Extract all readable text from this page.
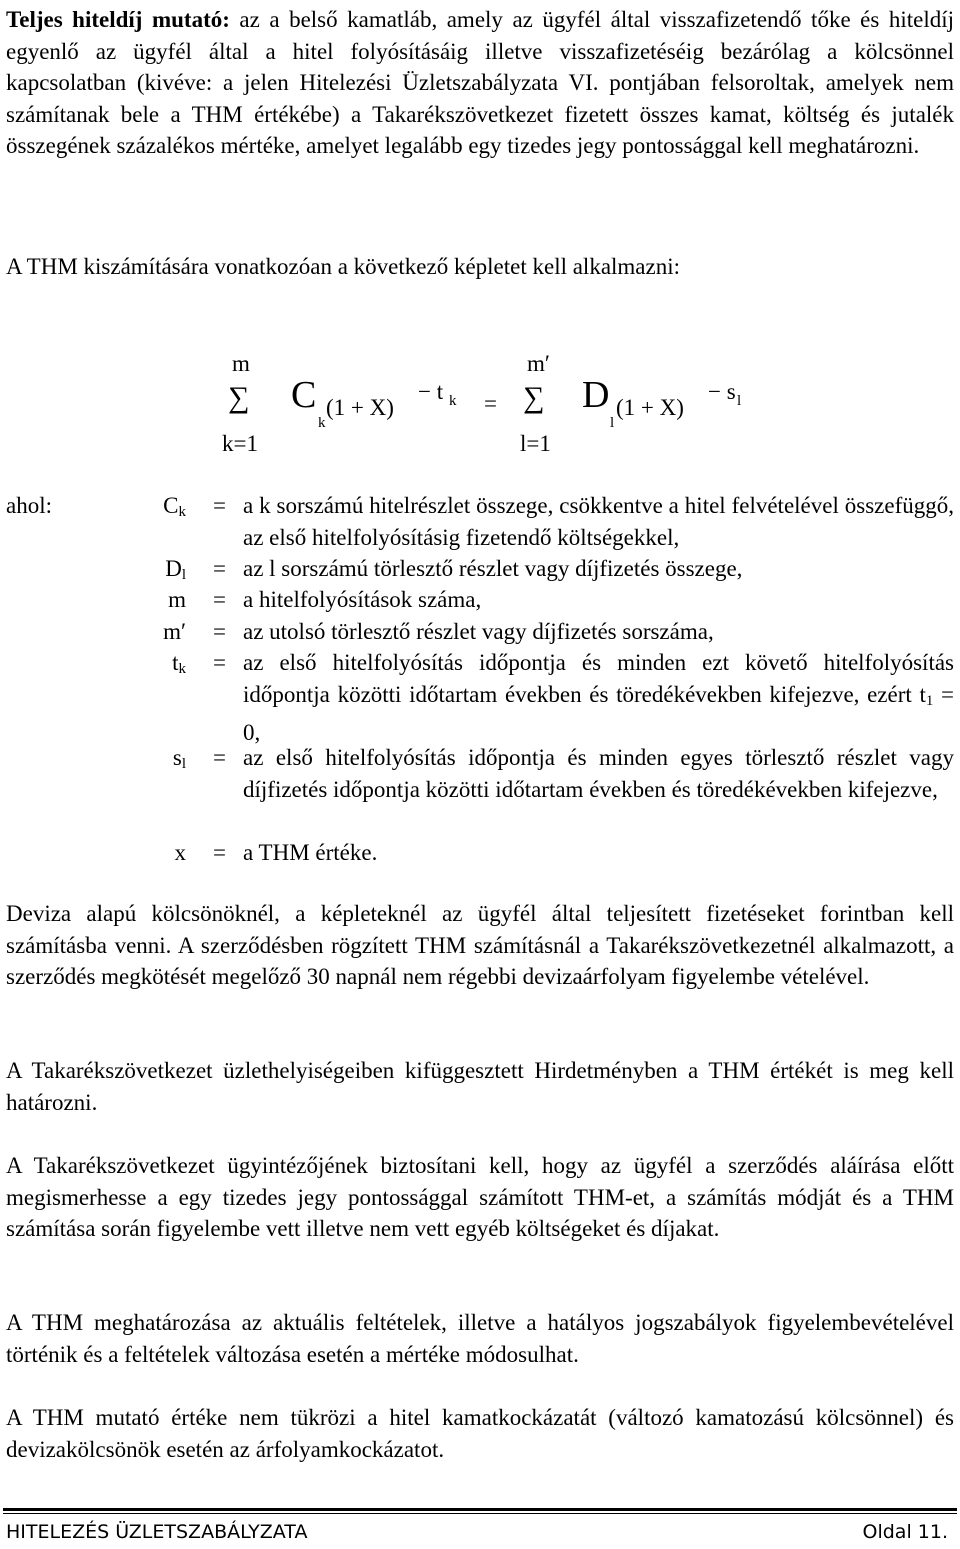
Teljes hiteldíj mutató: az a belső kamatláb, amely az ügyfél által visszafizetendő tőke és hiteldíj egyenlő az ügyfél által a hitel folyósításáig illetve visszafizetéséig bezárólag a kölcsönnel kapcsolatban (kivéve: a jelen Hitelezési Üzletszabályzata VI. pontjában felsoroltak, amelyek nem számítanak bele a THM értékébe) a Takarékszövetkezet fizetett összes kamat, költség és jutalék összegének százalékos mértéke, amelyet legalább egy tizedes jegy pontossággal kell meghatározni.

A THM kiszámítására vonatkozóan a következő képletet kell alkalmazni:

m
∑
k=1
C
k
(1 + X)
− t k =
m′
∑
l=1
D
l
(1 + X)
− s l
ahol:	$C_k = a$ k sorszámú hitelrészlet összege, csökkentve a hitel felvételével összefüggő, az első hitelfolyósításig fizetendő költségekkel,
$D_l$ = az l sorszámú törlesztő részlet vagy díjfizetés összege,
m = a hitelfolyósítások száma,
m′ = az utolsó törlesztő részlet vagy díjfizetés sorszáma,
$t_k$ = az első hitelfolyósítás időpontja és minden ezt követő hitelfolyósítás időpontja közötti időtartam években és töredékévekben kifejezve, ezért $t_1 = 0$,
$s_l$ = az első hitelfolyósítás időpontja és minden egyes törlesztő részlet vagy díjfizetés időpontja közötti időtartam években és töredékévekben kifejezve,
x = a THM értéke.

Deviza alapú kölcsönöknél, a képleteknél az ügyfél által teljesített fizetéseket forintban kell számításba venni. A szerződésben rögzített THM számításnál a Takarékszövetkezetnél alkalmazott, a szerződés megkötését megelőző 30 napnál nem régebbi devizaárfolyam figyelembe vételével.

A Takarékszövetkezet üzlethelyiségeiben kifüggesztett Hirdetményben a THM értékét is meg kell határozni.

A Takarékszövetkezet ügyintézőjének biztosítani kell, hogy az ügyfél a szerződés aláírása előtt megismerhesse a egy tizedes jegy pontossággal számított THM-et, a számítás módját és a THM számítása során figyelembe vett illetve nem vett egyéb költségeket és díjakat.

A THM meghatározása az aktuális feltételek, illetve a hatályos jogszabályok figyelembevételével történik és a feltételek változása esetén a mértéke módosulhat.

A THM mutató értéke nem tükrözi a hitel kamatkockázatát (változó kamatozású kölcsönnel) és devizakölcsönök esetén az árfolyamkockázatot.

HITELEZÉS ÜZLETSZABÁLYZATA	Oldal 11.
